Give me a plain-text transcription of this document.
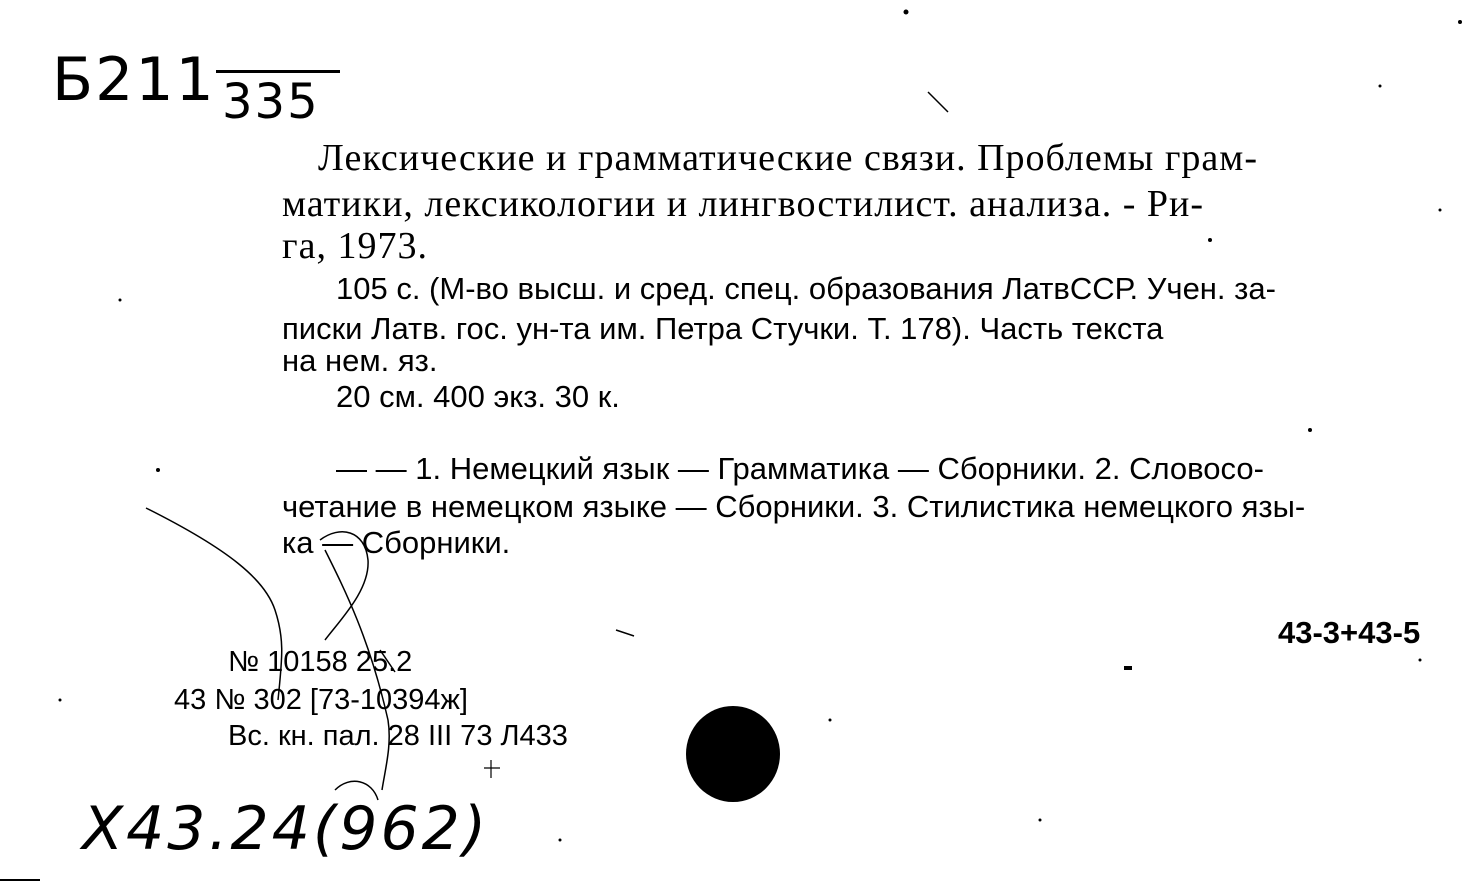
Б211 335
Лексические и грамматические связи. Проблемы грам-
матики, лексикологии и лингвостилист. анализа. - Ри-
га, 1973.
105 с. (М-во высш. и сред. спец. образования ЛатвССР. Учен. за-
писки Латв. гос. ун-та им. Петра Стучки. Т. 178). Часть текста
на нем. яз.
20 см. 400 экз. 30 к.
— — 1. Немецкий язык — Грамматика — Сборники. 2. Словосо-
четание в немецком языке — Сборники. 3. Стилистика немецкого язы-
ка — Сборники.
43-3+43-5
№ 10158 25.2
43 № 302 [73-10394ж]
Вс. кн. пал. 28 III 73 Л433
Х43.24(962)
